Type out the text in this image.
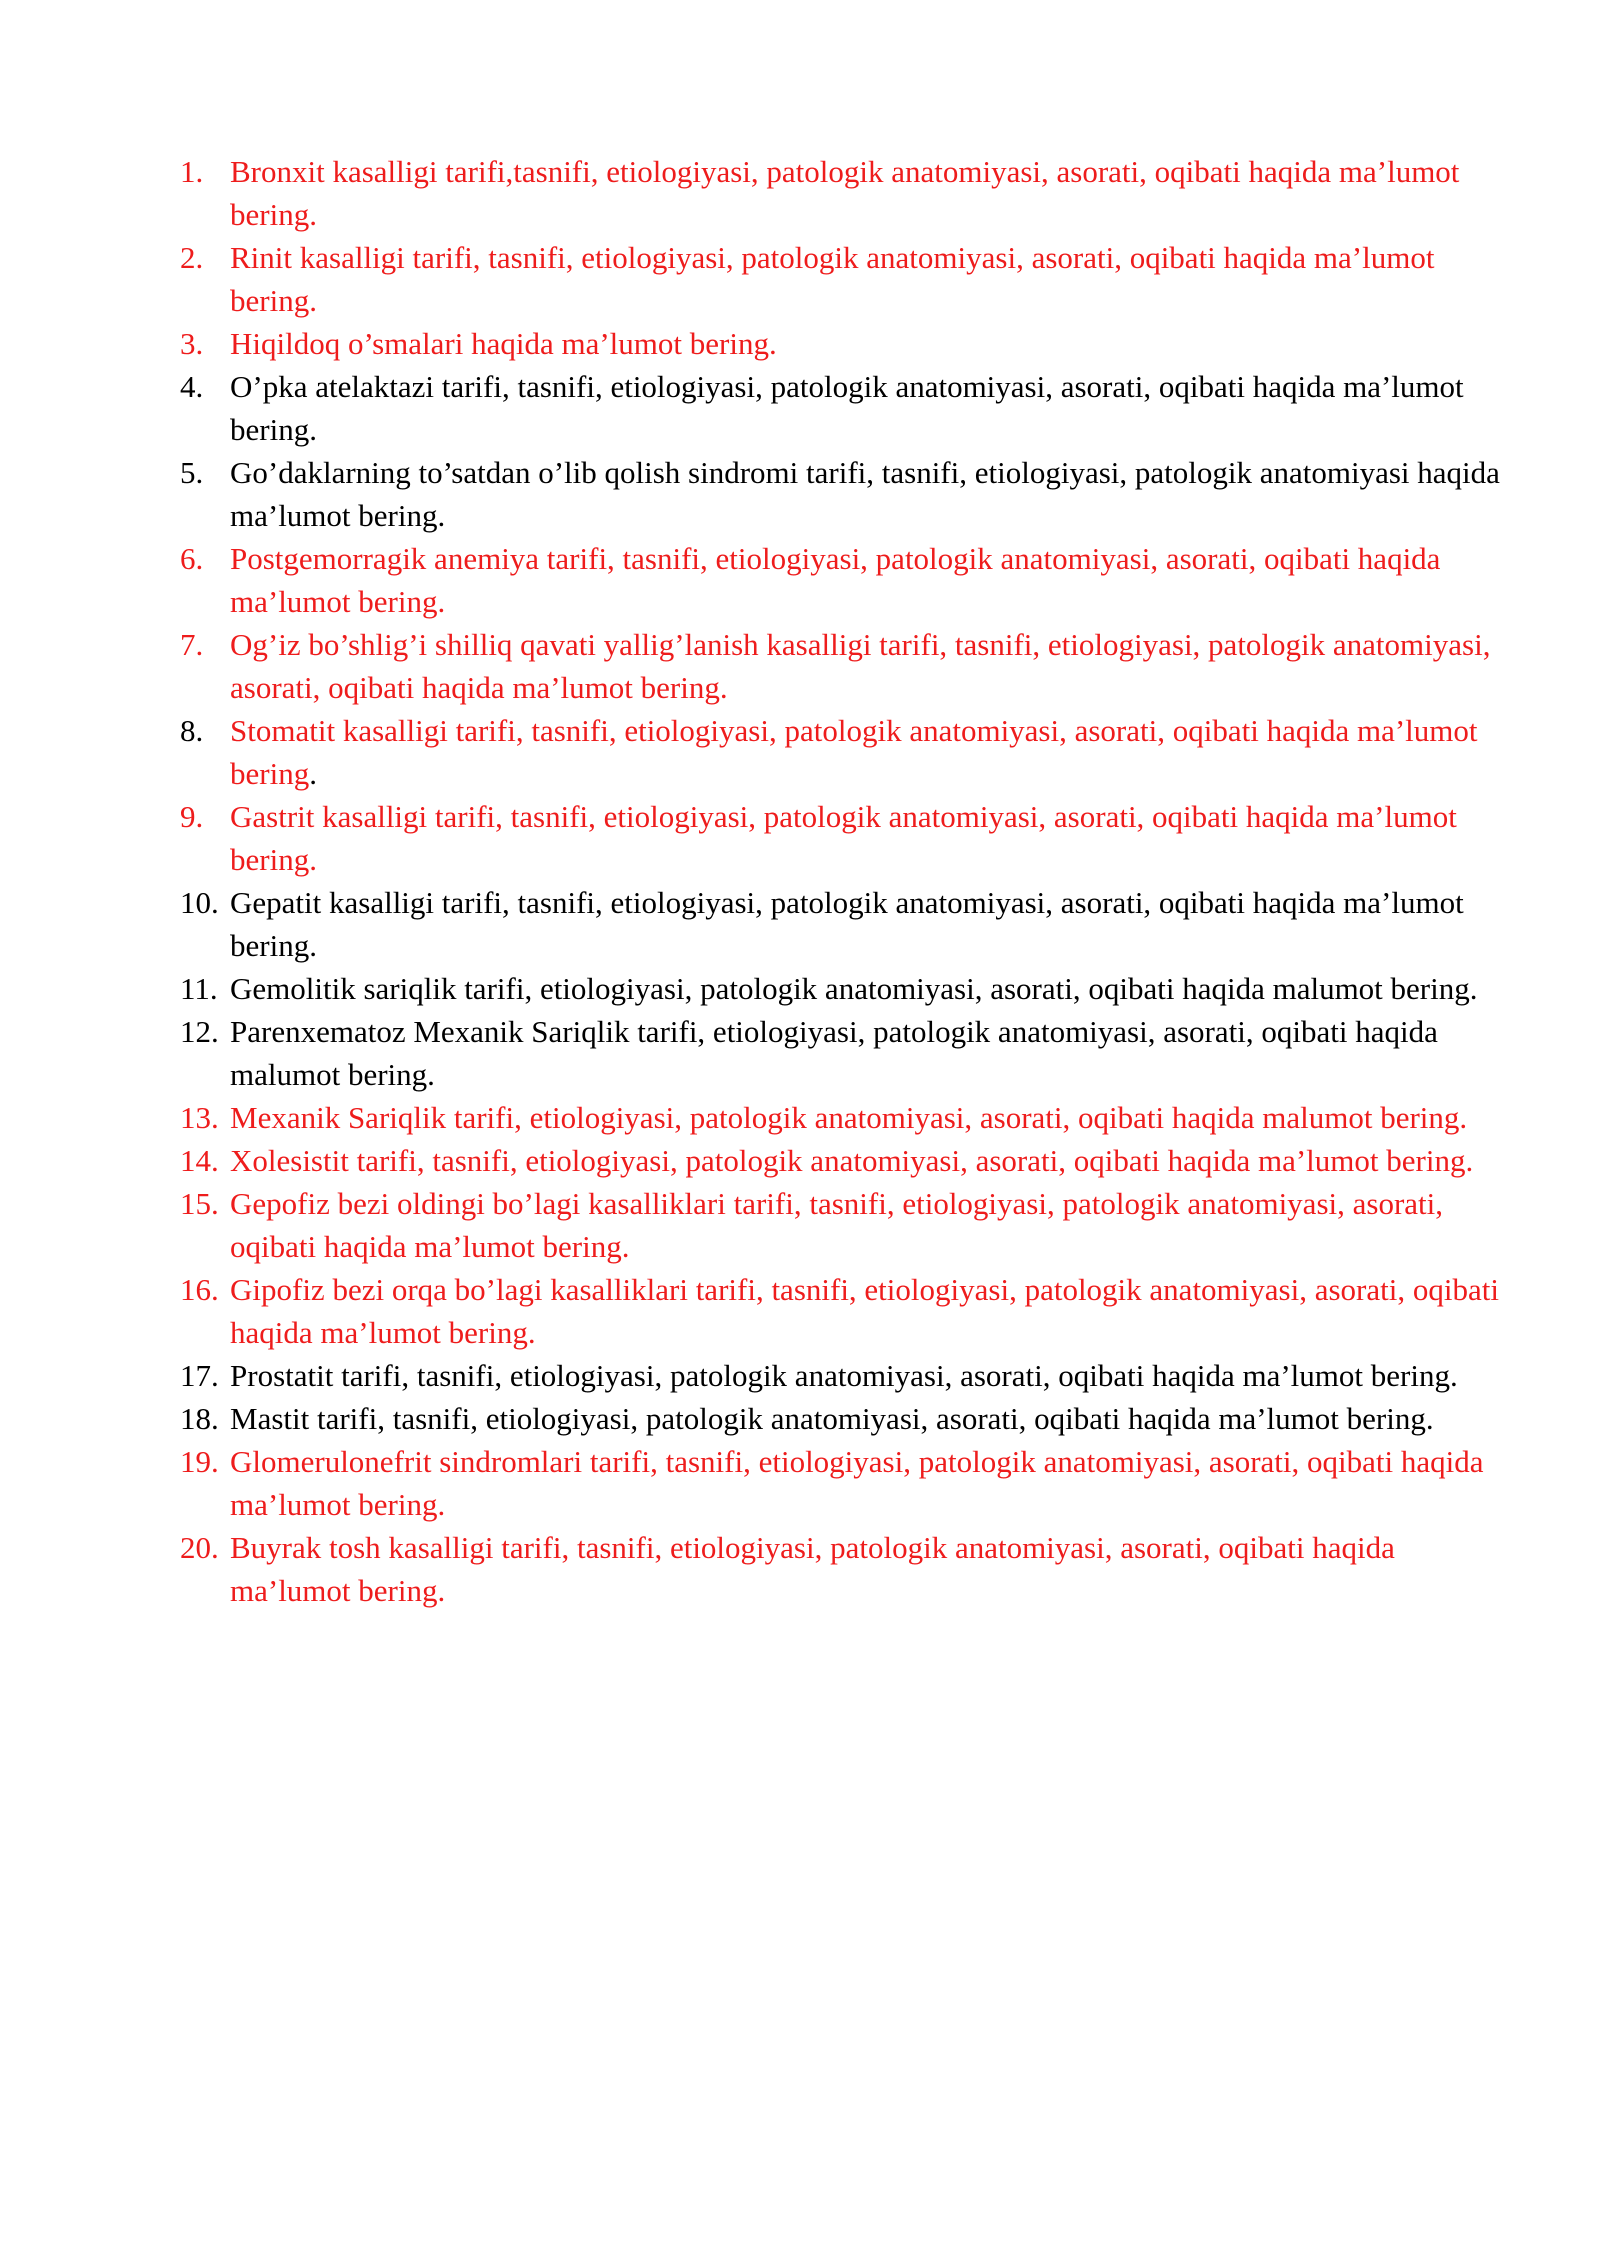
1. Bronxit kasalligi tarifi,tasnifi, etiologiyasi, patologik anatomiyasi, asorati, oqibati haqida ma’lumot bering.
2. Rinit kasalligi tarifi, tasnifi, etiologiyasi, patologik anatomiyasi, asorati, oqibati haqida ma’lumot bering.
3. Hiqildoq o’smalari haqida ma’lumot bering.
4. O’pka atelaktazi tarifi, tasnifi, etiologiyasi, patologik anatomiyasi, asorati, oqibati haqida ma’lumot bering.
5. Go’daklarning to’satdan o’lib qolish sindromi tarifi, tasnifi, etiologiyasi, patologik anatomiyasi haqida ma’lumot bering.
6. Postgemorragik anemiya tarifi, tasnifi, etiologiyasi, patologik anatomiyasi, asorati, oqibati haqida ma’lumot bering.
7. Og’iz bo’shlig’i shilliq qavati yallig’lanish kasalligi tarifi, tasnifi, etiologiyasi, patologik anatomiyasi, asorati, oqibati haqida ma’lumot bering.
8. Stomatit kasalligi tarifi, tasnifi, etiologiyasi, patologik anatomiyasi, asorati, oqibati haqida ma’lumot bering.
9. Gastrit kasalligi tarifi, tasnifi, etiologiyasi, patologik anatomiyasi, asorati, oqibati haqida ma’lumot bering.
10. Gepatit kasalligi tarifi, tasnifi, etiologiyasi, patologik anatomiyasi, asorati, oqibati haqida ma’lumot bering.
11. Gemolitik sariqlik tarifi, etiologiyasi, patologik anatomiyasi, asorati, oqibati haqida malumot bering.
12. Parenxematoz Mexanik Sariqlik tarifi, etiologiyasi, patologik anatomiyasi, asorati, oqibati haqida malumot bering.
13. Mexanik Sariqlik tarifi, etiologiyasi, patologik anatomiyasi, asorati, oqibati haqida malumot bering.
14. Xolesistit tarifi, tasnifi, etiologiyasi, patologik anatomiyasi, asorati, oqibati haqida ma’lumot bering.
15. Gepofiz bezi oldingi bo’lagi kasalliklari tarifi, tasnifi, etiologiyasi, patologik anatomiyasi, asorati, oqibati haqida ma’lumot bering.
16. Gipofiz bezi orqa bo’lagi kasalliklari tarifi, tasnifi, etiologiyasi, patologik anatomiyasi, asorati, oqibati haqida ma’lumot bering.
17. Prostatit tarifi, tasnifi, etiologiyasi, patologik anatomiyasi, asorati, oqibati haqida ma’lumot bering.
18. Mastit tarifi, tasnifi, etiologiyasi, patologik anatomiyasi, asorati, oqibati haqida ma’lumot bering.
19. Glomerulonefrit sindromlari tarifi, tasnifi, etiologiyasi, patologik anatomiyasi, asorati, oqibati haqida ma’lumot bering.
20. Buyrak tosh kasalligi tarifi, tasnifi, etiologiyasi, patologik anatomiyasi, asorati, oqibati haqida ma’lumot bering.
